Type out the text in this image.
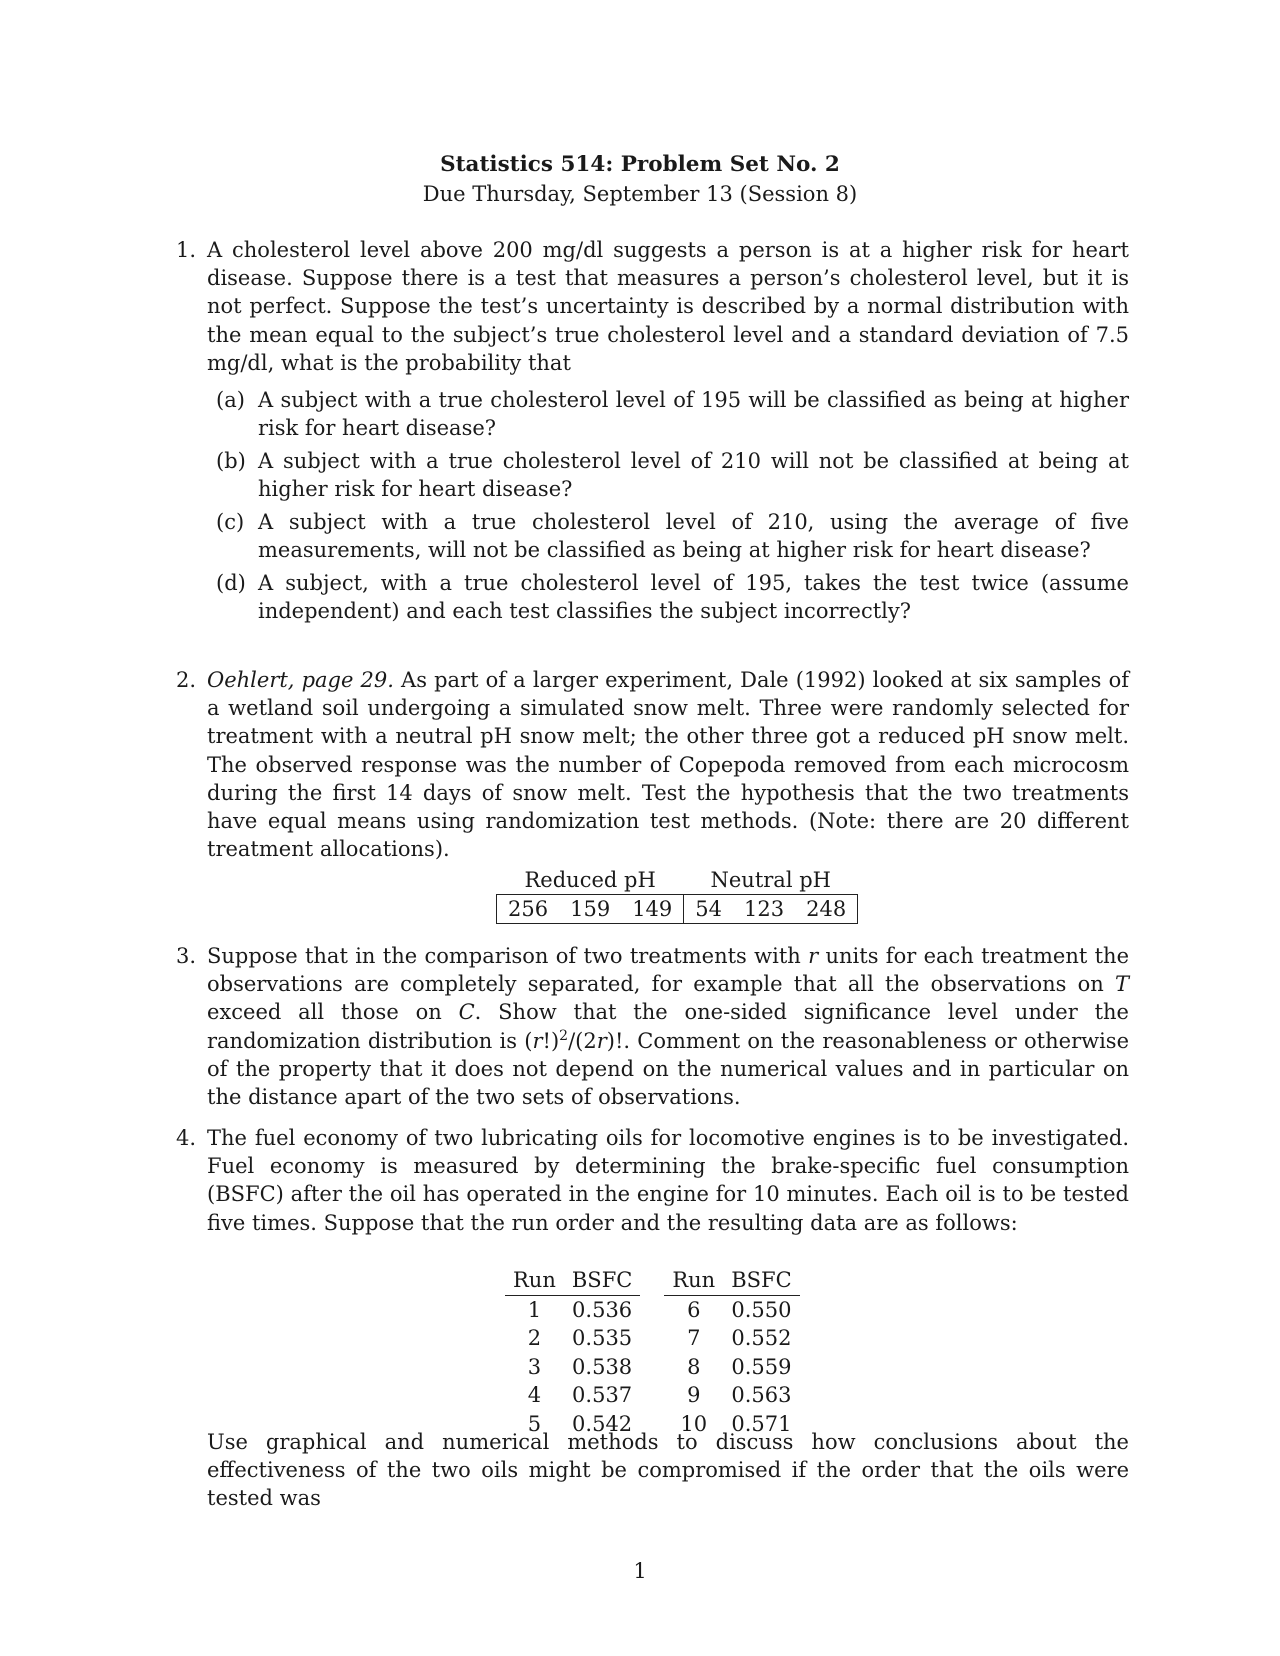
Statistics 514: Problem Set No. 2
Due Thursday, September 13 (Session 8)
1. A cholesterol level above 200 mg/dl suggests a person is at a higher risk for heart disease. Suppose there is a test that measures a person’s cholesterol level, but it is not perfect. Suppose the test’s uncertainty is described by a normal distribution with the mean equal to the subject’s true cholesterol level and a standard deviation of 7.5 mg/dl, what is the probability that

(a) A subject with a true cholesterol level of 195 will be classified as being at higher risk for heart disease?

(b) A subject with a true cholesterol level of 210 will not be classified at being at higher risk for heart disease?

(c) A subject with a true cholesterol level of 210, using the average of five measurements, will not be classified as being at higher risk for heart disease?

(d) A subject, with a true cholesterol level of 195, takes the test twice (assume independent) and each test classifies the subject incorrectly?

2. Oehlert, page 29. As part of a larger experiment, Dale (1992) looked at six samples of a wetland soil undergoing a simulated snow melt. Three were randomly selected for treatment with a neutral pH snow melt; the other three got a reduced pH snow melt. The observed response was the number of Copepoda removed from each microcosm during the first 14 days of snow melt. Test the hypothesis that the two treatments have equal means using randomization test methods. (Note: there are 20 different treatment allocations).

Reduced pH			Neutral pH		
256	159	149	54	123	248
3. Suppose that in the comparison of two treatments with r units for each treatment the observations are completely separated, for example that all the observations on T exceed all those on C. Show that the one-sided significance level under the randomization distribution is $(r!)^2/(2r)$!. Comment on the reasonableness or otherwise of the property that it does not depend on the numerical values and in particular on the distance apart of the two sets of observations.

4. The fuel economy of two lubricating oils for locomotive engines is to be investigated. Fuel economy is measured by determining the brake-specific fuel consumption (BSFC) after the oil has operated in the engine for 10 minutes. Each oil is to be tested five times. Suppose that the run order and the resulting data are as follows:

Run	BSFC		Run	BSFC
1	0.536		6	0.550
2	0.535		7	0.552
3	0.538		8	0.559
4	0.537		9	0.563
5	0.542		10	0.571

Use graphical and numerical methods to discuss how conclusions about the effectiveness of the two oils might be compromised if the order that the oils were tested was

1
